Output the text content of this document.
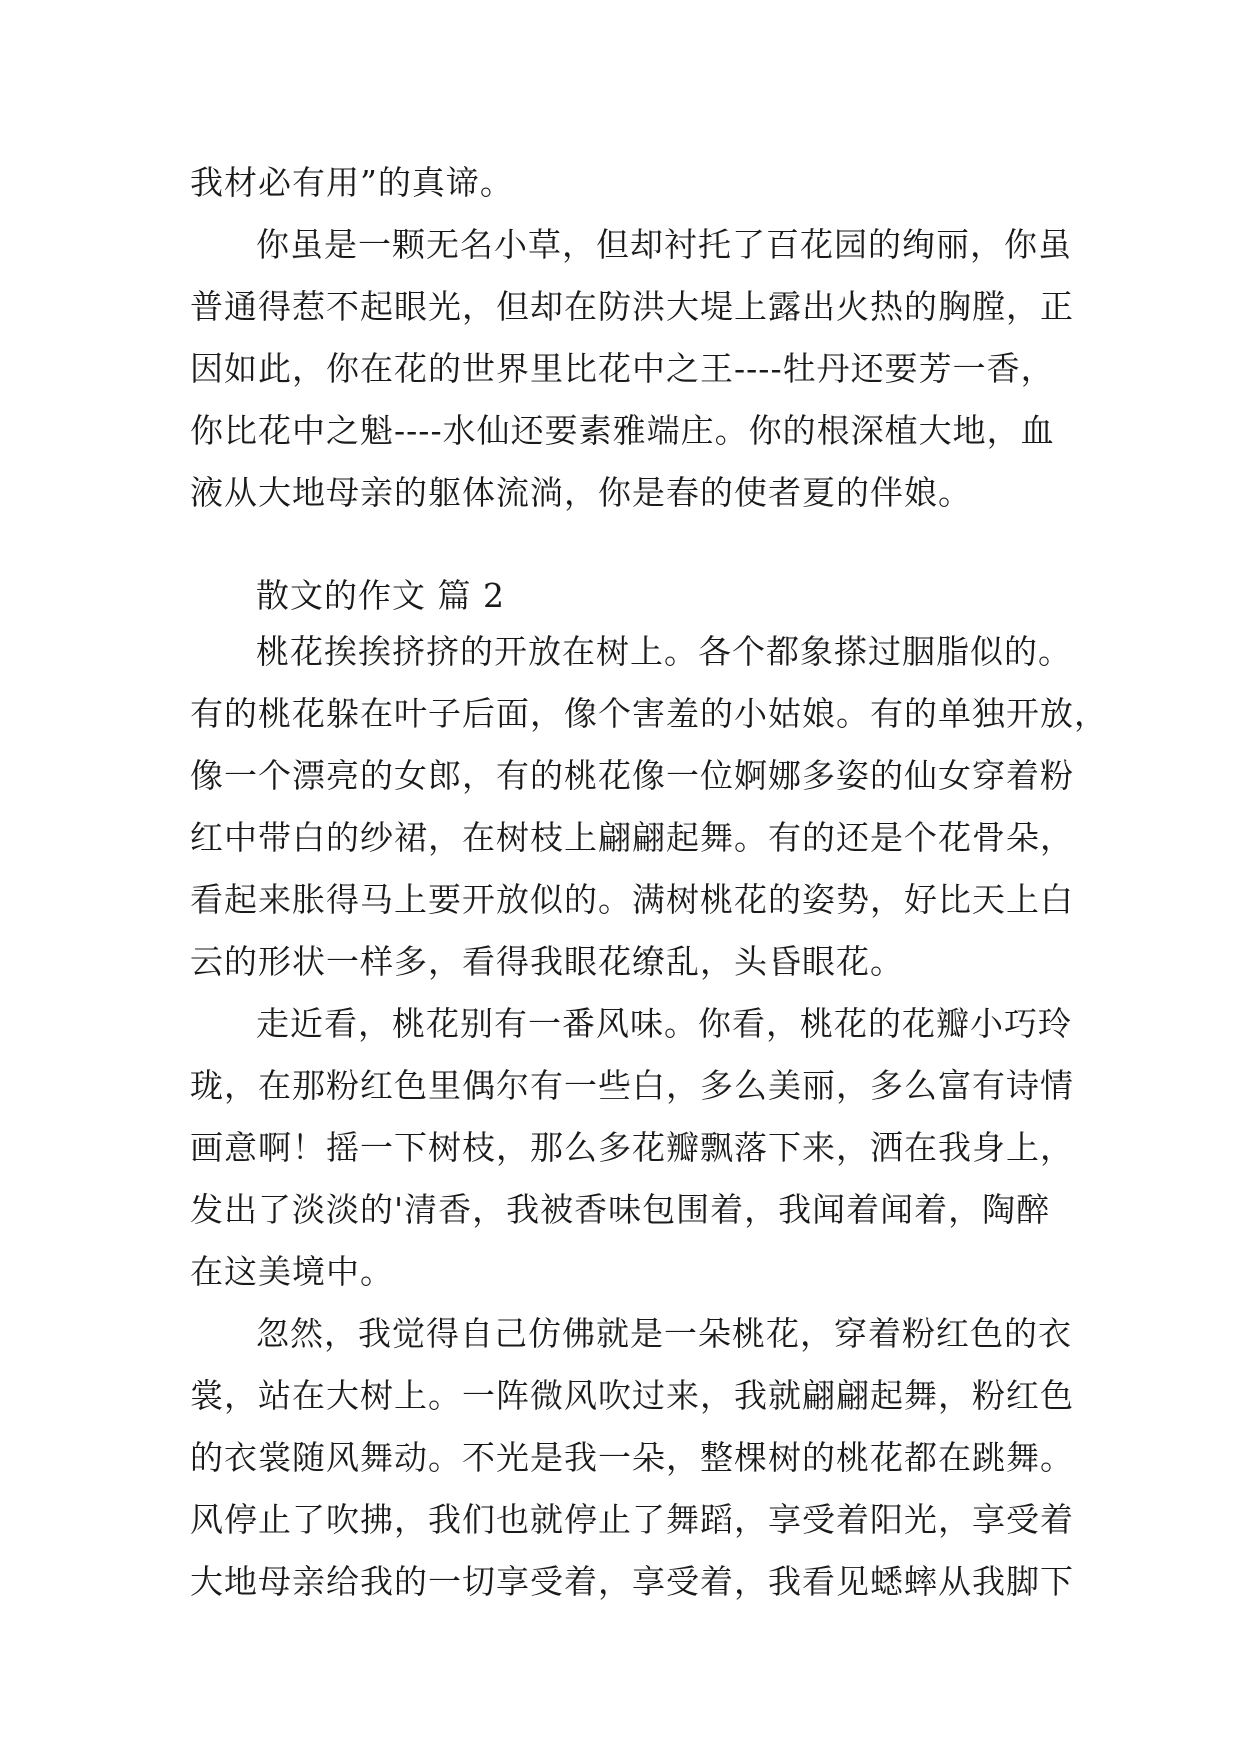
我材必有用”的真谛。
你虽是一颗无名小草，但却衬托了百花园的绚丽，你虽
普通得惹不起眼光，但却在防洪大堤上露出火热的胸膛，正
因如此，你在花的世界里比花中之王----牡丹还要芳一香，
你比花中之魁----水仙还要素雅端庄。你的根深植大地，血
液从大地母亲的躯体流淌，你是春的使者夏的伴娘。
散文的作文 篇 2
桃花挨挨挤挤的开放在树上。各个都象搽过胭脂似的。
有的桃花躲在叶子后面，像个害羞的小姑娘。有的单独开放，
像一个漂亮的女郎，有的桃花像一位婀娜多姿的仙女穿着粉
红中带白的纱裙，在树枝上翩翩起舞。有的还是个花骨朵，
看起来胀得马上要开放似的。满树桃花的姿势，好比天上白
云的形状一样多，看得我眼花缭乱，头昏眼花。
走近看，桃花别有一番风味。你看，桃花的花瓣小巧玲
珑，在那粉红色里偶尔有一些白，多么美丽，多么富有诗情
画意啊！摇一下树枝，那么多花瓣飘落下来，洒在我身上，
发出了淡淡的'清香，我被香味包围着，我闻着闻着，陶醉
在这美境中。
忽然，我觉得自己仿佛就是一朵桃花，穿着粉红色的衣
裳，站在大树上。一阵微风吹过来，我就翩翩起舞，粉红色
的衣裳随风舞动。不光是我一朵，整棵树的桃花都在跳舞。
风停止了吹拂，我们也就停止了舞蹈，享受着阳光，享受着
大地母亲给我的一切享受着，享受着，我看见蟋蟀从我脚下
